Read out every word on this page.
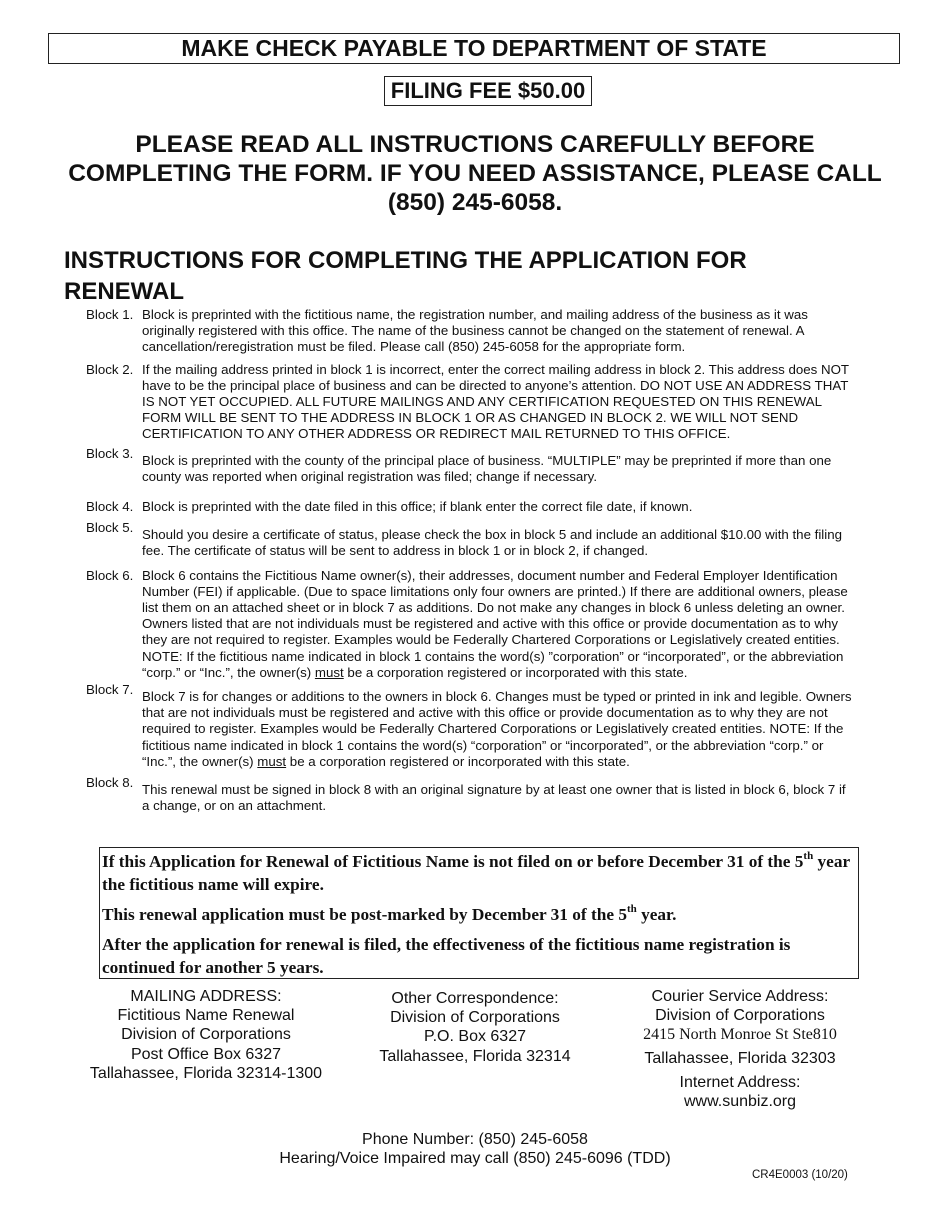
MAKE CHECK PAYABLE TO DEPARTMENT OF STATE
FILING FEE $50.00
PLEASE READ ALL INSTRUCTIONS CAREFULLY BEFORE
COMPLETING THE FORM. IF YOU NEED ASSISTANCE, PLEASE CALL
(850) 245-6058.
INSTRUCTIONS FOR COMPLETING THE APPLICATION FOR
RENEWAL
Block 1. Block is preprinted with the fictitious name, the registration number, and mailing address of the business as it was originally registered with this office. The name of the business cannot be changed on the statement of renewal. A cancellation/reregistration must be filed. Please call (850) 245-6058 for the appropriate form.
Block 2. If the mailing address printed in block 1 is incorrect, enter the correct mailing address in block 2. This address does NOT have to be the principal place of business and can be directed to anyone’s attention. DO NOT USE AN ADDRESS THAT IS NOT YET OCCUPIED. ALL FUTURE MAILINGS AND ANY CERTIFICATION REQUESTED ON THIS RENEWAL FORM WILL BE SENT TO THE ADDRESS IN BLOCK 1 OR AS CHANGED IN BLOCK 2. WE WILL NOT SEND CERTIFICATION TO ANY OTHER ADDRESS OR REDIRECT MAIL RETURNED TO THIS OFFICE.
Block 3. Block is preprinted with the county of the principal place of business. “MULTIPLE” may be preprinted if more than one county was reported when original registration was filed; change if necessary.
Block 4. Block is preprinted with the date filed in this office; if blank enter the correct file date, if known.
Block 5. Should you desire a certificate of status, please check the box in block 5 and include an additional $10.00 with the filing fee. The certificate of status will be sent to address in block 1 or in block 2, if changed.
Block 6. Block 6 contains the Fictitious Name owner(s), their addresses, document number and Federal Employer Identification Number (FEI) if applicable. (Due to space limitations only four owners are printed.) If there are additional owners, please list them on an attached sheet or in block 7 as additions. Do not make any changes in block 6 unless deleting an owner. Owners listed that are not individuals must be registered and active with this office or provide documentation as to why they are not required to register. Examples would be Federally Chartered Corporations or Legislatively created entities. NOTE: If the fictitious name indicated in block 1 contains the word(s) ”corporation” or “incorporated”, or the abbreviation “corp.” or “Inc.”, the owner(s) must be a corporation registered or incorporated with this state.
Block 7. Block 7 is for changes or additions to the owners in block 6. Changes must be typed or printed in ink and legible. Owners that are not individuals must be registered and active with this office or provide documentation as to why they are not required to register. Examples would be Federally Chartered Corporations or Legislatively created entities. NOTE: If the fictitious name indicated in block 1 contains the word(s) “corporation” or “incorporated”, or the abbreviation “corp.” or “Inc.”, the owner(s) must be a corporation registered or incorporated with this state.
Block 8. This renewal must be signed in block 8 with an original signature by at least one owner that is listed in block 6, block 7 if a change, or on an attachment.

If this Application for Renewal of Fictitious Name is not filed on or before December 31 of the 5th year the fictitious name will expire.

This renewal application must be post-marked by December 31 of the 5th year.

After the application for renewal is filed, the effectiveness of the fictitious name registration is continued for another 5 years.

MAILING ADDRESS:
Fictitious Name Renewal
Division of Corporations
Post Office Box 6327
Tallahassee, Florida 32314-1300
Other Correspondence:
Division of Corporations
P.O. Box 6327
Tallahassee, Florida 32314
Courier Service Address:
Division of Corporations
2415 North Monroe St Ste810
Tallahassee, Florida 32303
Internet Address:
www.sunbiz.org
Phone Number: (850) 245-6058
Hearing/Voice Impaired may call (850) 245-6096 (TDD)
CR4E0003 (10/20)
